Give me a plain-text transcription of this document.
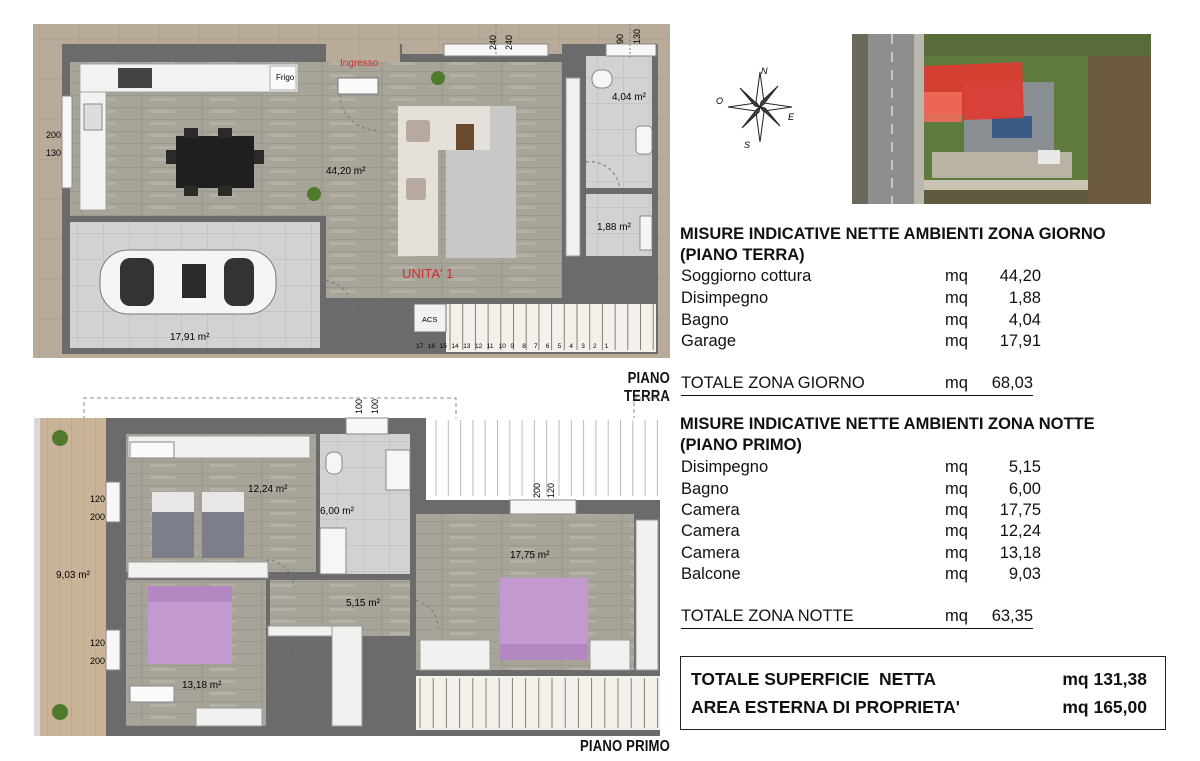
Frigo
Ingresso
240 240	90 130
200
130
44,20 m²
4,04 m²
1,88 m²
17,91 m²
UNITA' 1
ACS
17 16 15 14 13 12 11 10 9 8 7 6 5 4 3 2 1
PIANO TERRA
100 100
200 120
120
200
120
200
12,24 m²
6,00 m²
17,75 m²
5,15 m²
9,03 m²
13,18 m²
PIANO PRIMO
N
S
E
O
MISURE INDICATIVE NETTE AMBIENTI ZONA GIORNO
(PIANO TERRA)
Soggiorno cottura	mq 44,20
Disimpegno	mq 1,88
Bagno	mq 4,04
Garage	mq 17,91
TOTALE ZONA GIORNO	mq 68,03
MISURE INDICATIVE NETTE AMBIENTI ZONA NOTTE
(PIANO PRIMO)
Disimpegno	mq 5,15
Bagno	mq 6,00
Camera	mq 17,75
Camera	mq 12,24
Camera	mq 13,18
Balcone	mq 9,03
TOTALE ZONA NOTTE	mq 63,35
TOTALE SUPERFICIE  NETTA	mq 131,38
AREA ESTERNA DI PROPRIETA'	mq 165,00
